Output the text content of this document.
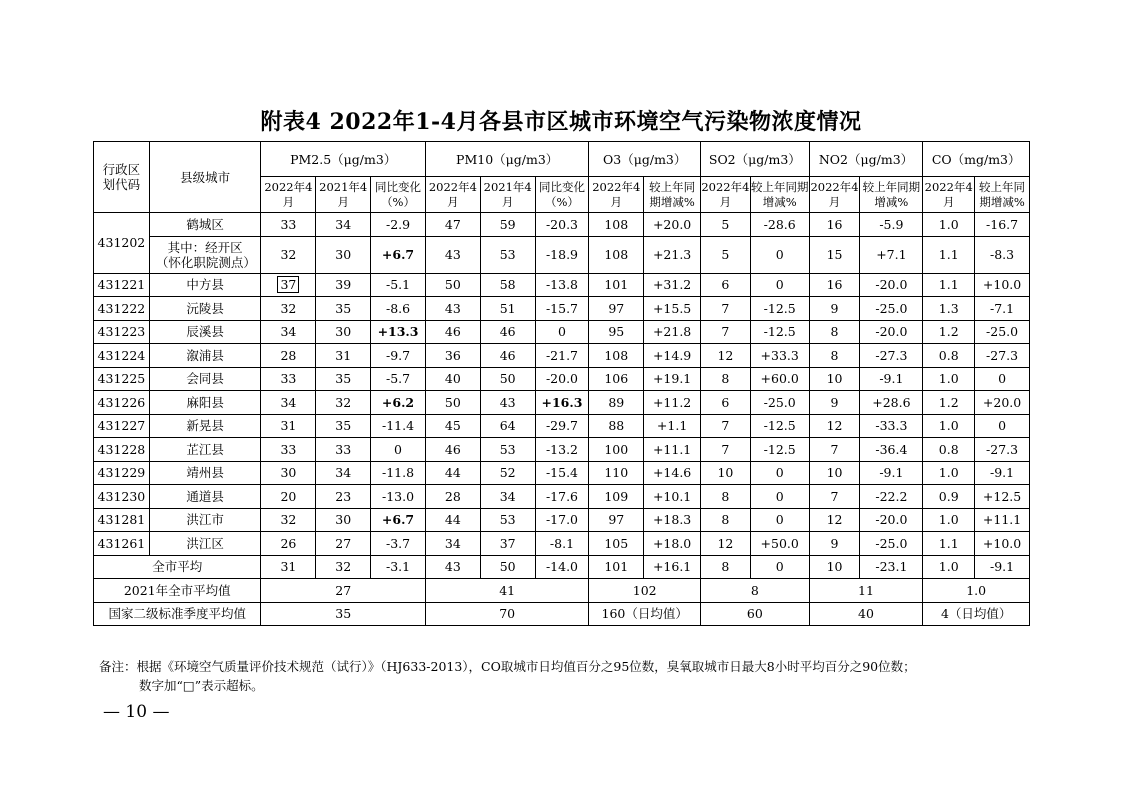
附表4 2022年1-4月各县市区城市环境空气污染物浓度情况
行政区划代码	县级城市	PM2.5（μg/m3）			PM10（μg/m3）			O3（μg/m3）		SO2（μg/m3）		NO2（μg/m3）		CO（mg/m3）	
		2022年4月	2021年4月	同比变化（%）	2022年4月	2021年4月	同比变化（%）	2022年4月	较上年同期增减%	2022年4月	较上年同期增减%	2022年4月	较上年同期增减%	2022年4月	较上年同期增减%
431202	鹤城区	33	34	-2.9	47	59	-20.3	108	+20.0	5	-28.6	16	-5.9	1.0	-16.7
	其中：经开区（怀化职院测点）	32	30	+6.7	43	53	-18.9	108	+21.3	5	0	15	+7.1	1.1	-8.3
431221	中方县	37	39	-5.1	50	58	-13.8	101	+31.2	6	0	16	-20.0	1.1	+10.0
431222	沅陵县	32	35	-8.6	43	51	-15.7	97	+15.5	7	-12.5	9	-25.0	1.3	-7.1
431223	辰溪县	34	30	+13.3	46	46	0	95	+21.8	7	-12.5	8	-20.0	1.2	-25.0
431224	溆浦县	28	31	-9.7	36	46	-21.7	108	+14.9	12	+33.3	8	-27.3	0.8	-27.3
431225	会同县	33	35	-5.7	40	50	-20.0	106	+19.1	8	+60.0	10	-9.1	1.0	0
431226	麻阳县	34	32	+6.2	50	43	+16.3	89	+11.2	6	-25.0	9	+28.6	1.2	+20.0
431227	新晃县	31	35	-11.4	45	64	-29.7	88	+1.1	7	-12.5	12	-33.3	1.0	0
431228	芷江县	33	33	0	46	53	-13.2	100	+11.1	7	-12.5	7	-36.4	0.8	-27.3
431229	靖州县	30	34	-11.8	44	52	-15.4	110	+14.6	10	0	10	-9.1	1.0	-9.1
431230	通道县	20	23	-13.0	28	34	-17.6	109	+10.1	8	0	7	-22.2	0.9	+12.5
431281	洪江市	32	30	+6.7	44	53	-17.0	97	+18.3	8	0	12	-20.0	1.0	+11.1
431261	洪江区	26	27	-3.7	34	37	-8.1	105	+18.0	12	+50.0	9	-25.0	1.1	+10.0
全市平均		31	32	-3.1	43	50	-14.0	101	+16.1	8	0	10	-23.1	1.0	-9.1
2021年全市平均值		27			41			102		8		11		1.0	
国家二级标准季度平均值		35			70			160（日均值）		60		40		4（日均值）	
备注：根据《环境空气质量评价技术规范（试行）》（HJ633-2013），CO取城市日均值百分之95位数，臭氧取城市日最大8小时平均百分之90位数；
数字加“□”表示超标。
— 10 —
